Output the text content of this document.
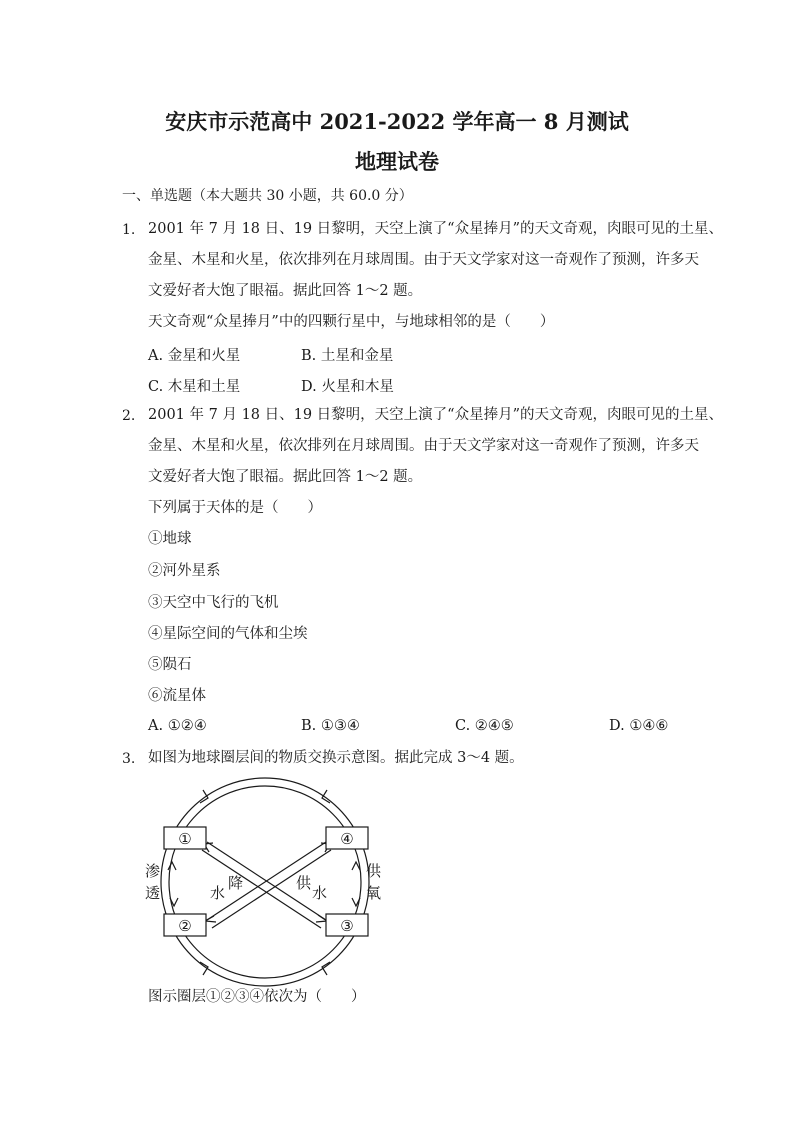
安庆市示范高中 2021-2022 学年高一 8 月测试
地理试卷
一、单选题（本大题共 30 小题，共 60.0 分）
1. 2001 年 7 月 18 日、19 日黎明，天空上演了“众星捧月”的天文奇观，肉眼可见的土星、
金星、木星和火星，依次排列在月球周围。由于天文学家对这一奇观作了预测，许多天
文爱好者大饱了眼福。据此回答 1～2 题。
天文奇观“众星捧月”中的四颗行星中，与地球相邻的是（　　）
A. 金星和火星	B. 土星和金星
C. 木星和土星	D. 火星和木星
2. 2001 年 7 月 18 日、19 日黎明，天空上演了“众星捧月”的天文奇观，肉眼可见的土星、
金星、木星和火星，依次排列在月球周围。由于天文学家对这一奇观作了预测，许多天
文爱好者大饱了眼福。据此回答 1～2 题。
下列属于天体的是（　　）
①地球
②河外星系
③天空中飞行的飞机
④星际空间的气体和尘埃
⑤陨石
⑥流星体
A. ①②④	B. ①③④	C. ②④⑤	D. ①④⑥
3. 如图为地球圈层间的物质交换示意图。据此完成 3～4 题。
①
②	③
④
渗
透
供
氧
水
降	供
水
图示圈层①②③④依次为（　　）
